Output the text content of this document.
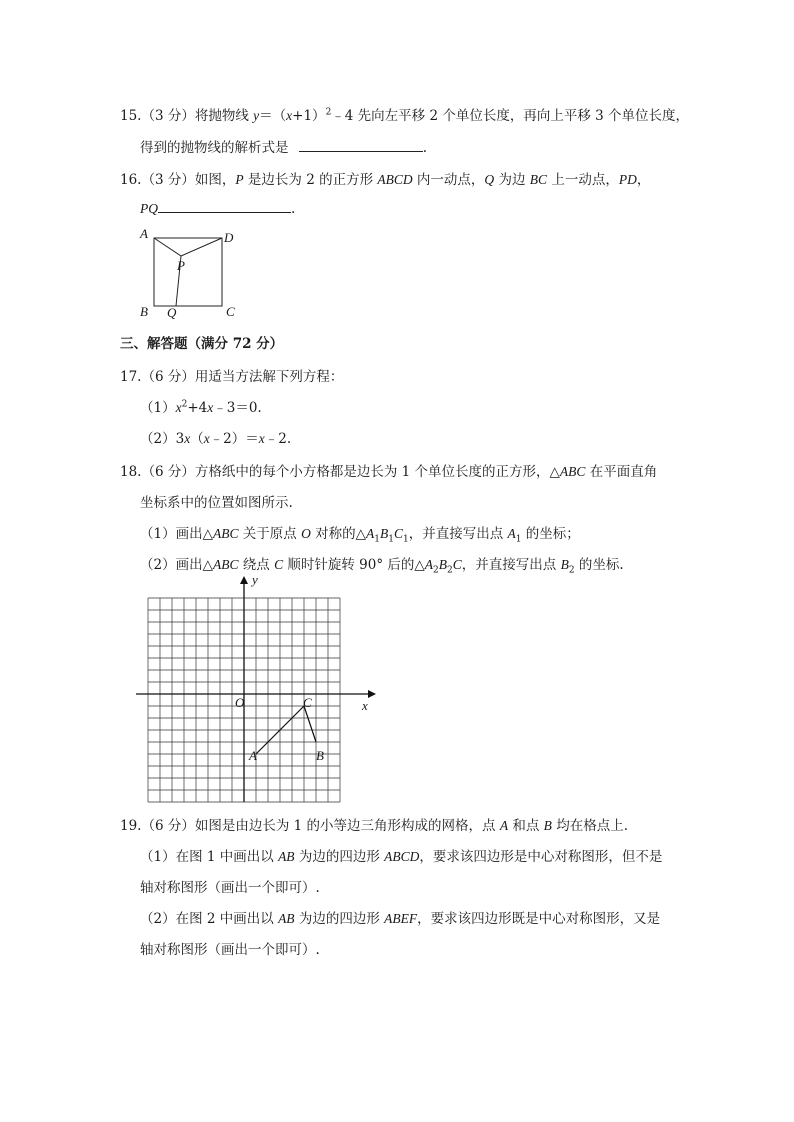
15.（3 分）将抛物线 $y=(x+1)^2﹣4$ 先向左平移 2 个单位长度，再向上平移 3 个单位长度，
得到的抛物线的解析式是	.
16.（3 分）如图，P 是边长为 2 的正方形 ABCD 内一动点，Q 为边 BC 上一动点，PD，
PQ	.
A	D
P
B Q	C
三、解答题（满分 72 分）
17.（6 分）用适当方法解下列方程：
$(1)x^2+4x﹣3=0$.
（2）3x（x﹣2）＝x﹣2.
18.（6 分）方格纸中的每个小方格都是边长为 1 个单位长度的正方形，△ABC 在平面直角
坐标系中的位置如图所示.
（1）画出△ABC 关于原点 O 对称的$\triangle A_1B_1C_1$，并直接写出点 $A_1$ 的坐标；
（2）画出△ABC 绕点 C 顺时针旋转 90° 后的$\triangle A_2B_2C$，并直接写出点 $B_2$ 的坐标.
y
x
O	C
A	B
19.（6 分）如图是由边长为 1 的小等边三角形构成的网格，点 A 和点 B 均在格点上.
（1）在图 1 中画出以 AB 为边的四边形 ABCD，要求该四边形是中心对称图形，但不是
轴对称图形（画出一个即可）.
（2）在图 2 中画出以 AB 为边的四边形 ABEF，要求该四边形既是中心对称图形，又是
轴对称图形（画出一个即可）.
